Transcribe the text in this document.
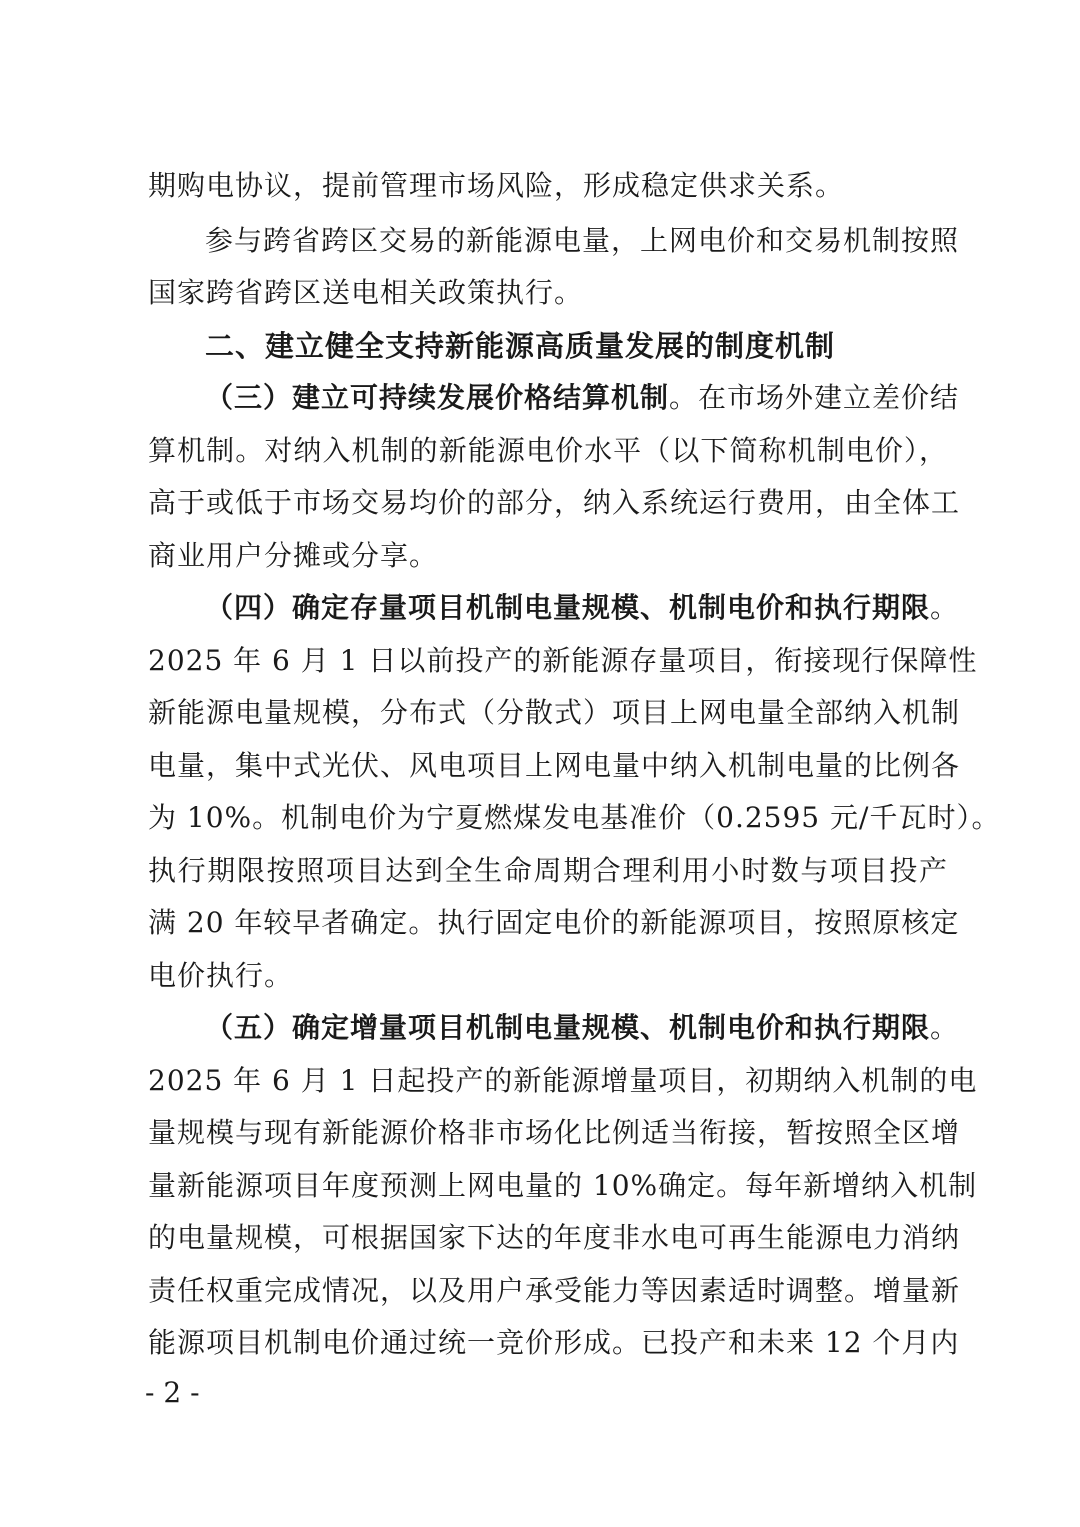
期购电协议，提前管理市场风险，形成稳定供求关系。
参与跨省跨区交易的新能源电量，上网电价和交易机制按照
国家跨省跨区送电相关政策执行。
二、建立健全支持新能源高质量发展的制度机制
（三）建立可持续发展价格结算机制。在市场外建立差价结
算机制。对纳入机制的新能源电价水平（以下简称机制电价），
高于或低于市场交易均价的部分，纳入系统运行费用，由全体工
商业用户分摊或分享。
（四）确定存量项目机制电量规模、机制电价和执行期限。
2025 年 6 月 1 日以前投产的新能源存量项目，衔接现行保障性
新能源电量规模，分布式（分散式）项目上网电量全部纳入机制
电量，集中式光伏、风电项目上网电量中纳入机制电量的比例各
为 10%。机制电价为宁夏燃煤发电基准价（0.2595 元/千瓦时）。
执行期限按照项目达到全生命周期合理利用小时数与项目投产
满 20 年较早者确定。执行固定电价的新能源项目，按照原核定
电价执行。
（五）确定增量项目机制电量规模、机制电价和执行期限。
2025 年 6 月 1 日起投产的新能源增量项目，初期纳入机制的电
量规模与现有新能源价格非市场化比例适当衔接，暂按照全区增
量新能源项目年度预测上网电量的 10%确定。每年新增纳入机制
的电量规模，可根据国家下达的年度非水电可再生能源电力消纳
责任权重完成情况，以及用户承受能力等因素适时调整。增量新
能源项目机制电价通过统一竞价形成。已投产和未来 12 个月内
- 2 -
